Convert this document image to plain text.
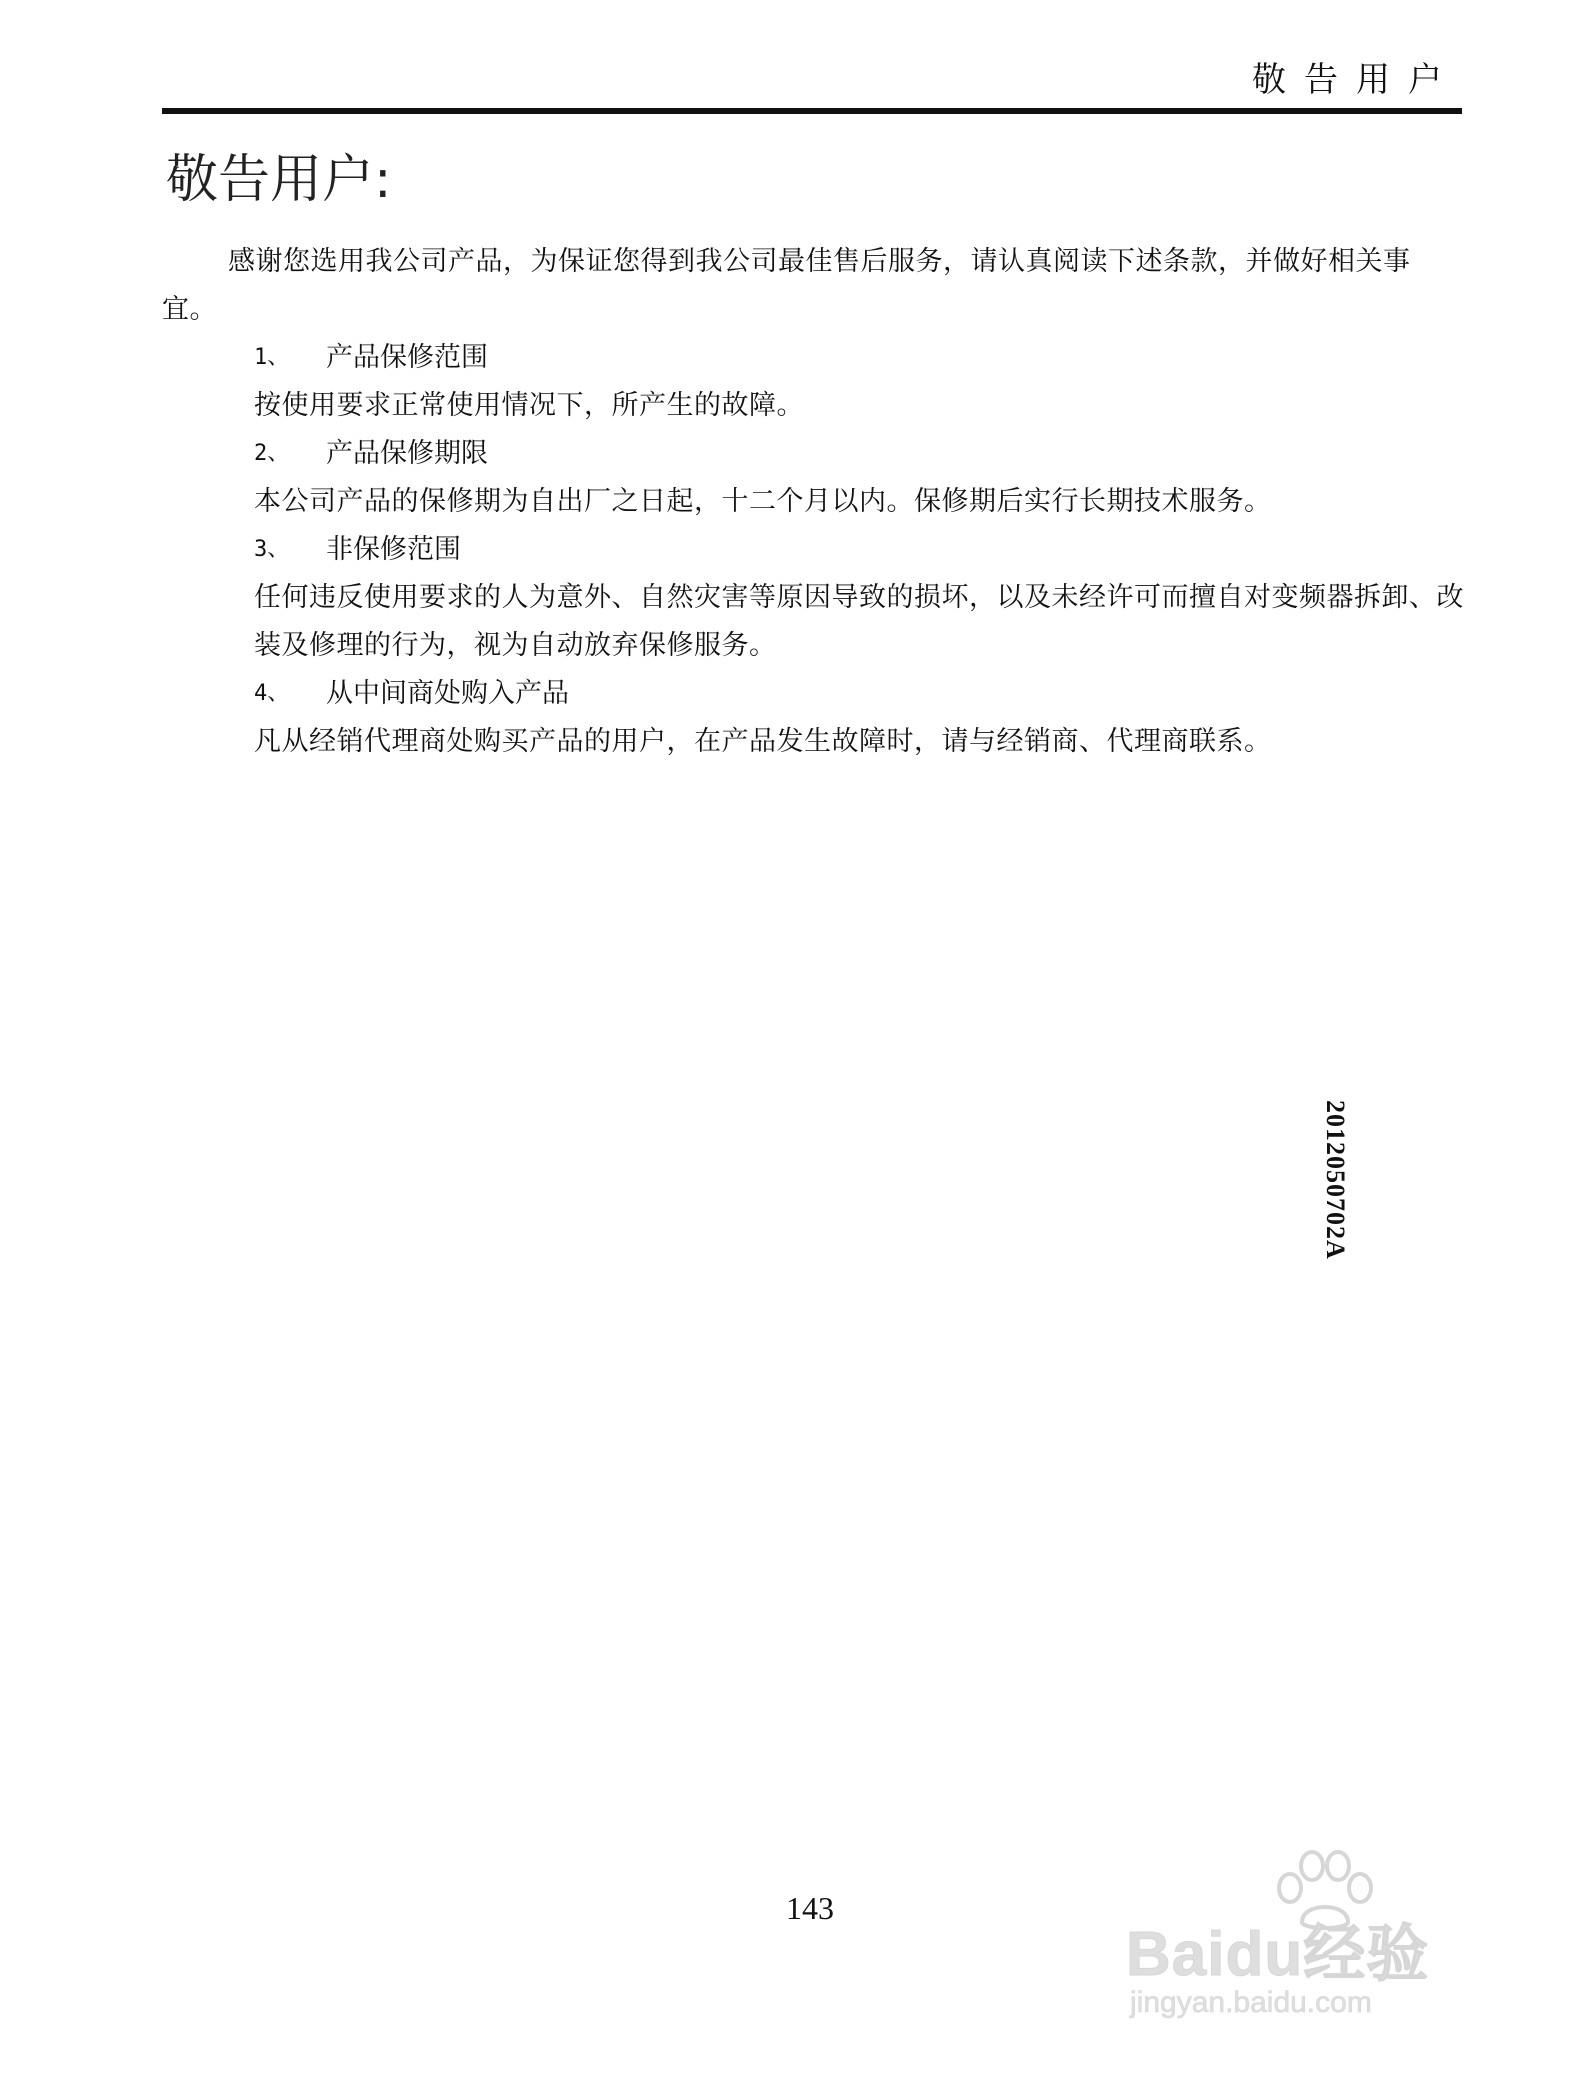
敬告用户
敬告用户:

感谢您选用我公司产品，为保证您得到我公司最佳售后服务，请认真阅读下述条款，并做好相关事宜。

1、	产品保修范围

按使用要求正常使用情况下，所产生的故障。

2、	产品保修期限

本公司产品的保修期为自出厂之日起，十二个月以内。保修期后实行长期技术服务。

3、	非保修范围

任何违反使用要求的人为意外、自然灾害等原因导致的损坏，以及未经许可而擅自对变频器拆卸、改装及修理的行为，视为自动放弃保修服务。

4、	从中间商处购入产品

凡从经销代理商处购买产品的用户，在产品发生故障时，请与经销商、代理商联系。

2012050702A
143
Baidu经验
jingyan.baidu.com
